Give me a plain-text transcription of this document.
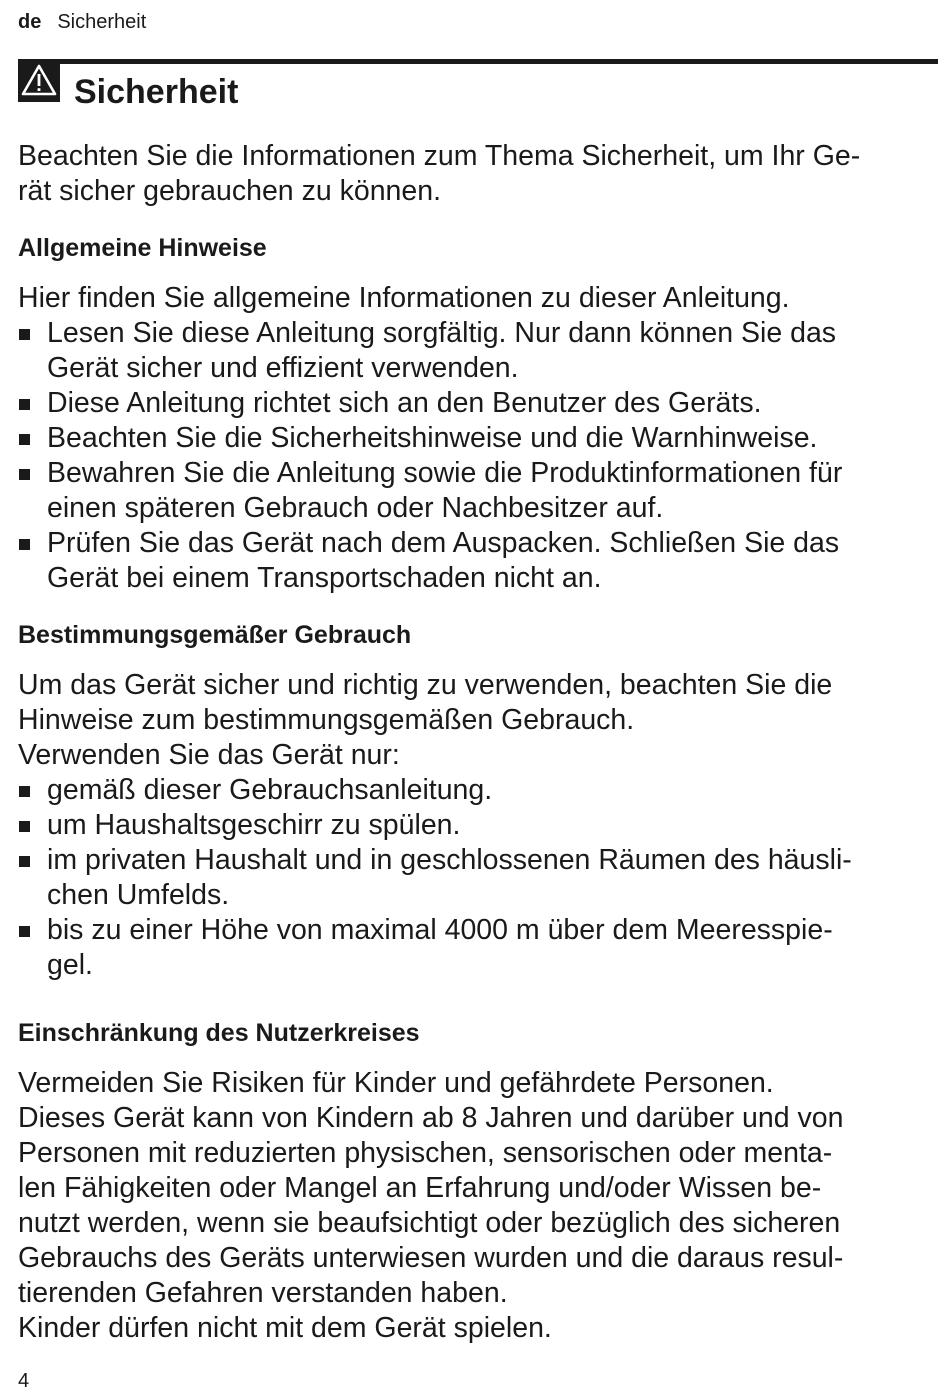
de Sicherheit
Sicherheit

Beachten Sie die Informationen zum Thema Sicherheit, um Ihr Ge-
rät sicher gebrauchen zu können.

Allgemeine Hinweise

Hier finden Sie allgemeine Informationen zu dieser Anleitung.

Lesen Sie diese Anleitung sorgfältig. Nur dann können Sie das
Gerät sicher und effizient verwenden.
Diese Anleitung richtet sich an den Benutzer des Geräts.
Beachten Sie die Sicherheitshinweise und die Warnhinweise.
Bewahren Sie die Anleitung sowie die Produktinformationen für
einen späteren Gebrauch oder Nachbesitzer auf.
Prüfen Sie das Gerät nach dem Auspacken. Schließen Sie das
Gerät bei einem Transportschaden nicht an.
Bestimmungsgemäßer Gebrauch

Um das Gerät sicher und richtig zu verwenden, beachten Sie die
Hinweise zum bestimmungsgemäßen Gebrauch.
Verwenden Sie das Gerät nur:

gemäß dieser Gebrauchsanleitung.
um Haushaltsgeschirr zu spülen.
im privaten Haushalt und in geschlossenen Räumen des häusli-
chen Umfelds.
bis zu einer Höhe von maximal 4000 m über dem Meeresspie-
gel.
Einschränkung des Nutzerkreises

Vermeiden Sie Risiken für Kinder und gefährdete Personen.
Dieses Gerät kann von Kindern ab 8 Jahren und darüber und von
Personen mit reduzierten physischen, sensorischen oder menta-
len Fähigkeiten oder Mangel an Erfahrung und/oder Wissen be-
nutzt werden, wenn sie beaufsichtigt oder bezüglich des sicheren
Gebrauchs des Geräts unterwiesen wurden und die daraus resul-
tierenden Gefahren verstanden haben.
Kinder dürfen nicht mit dem Gerät spielen.

4
